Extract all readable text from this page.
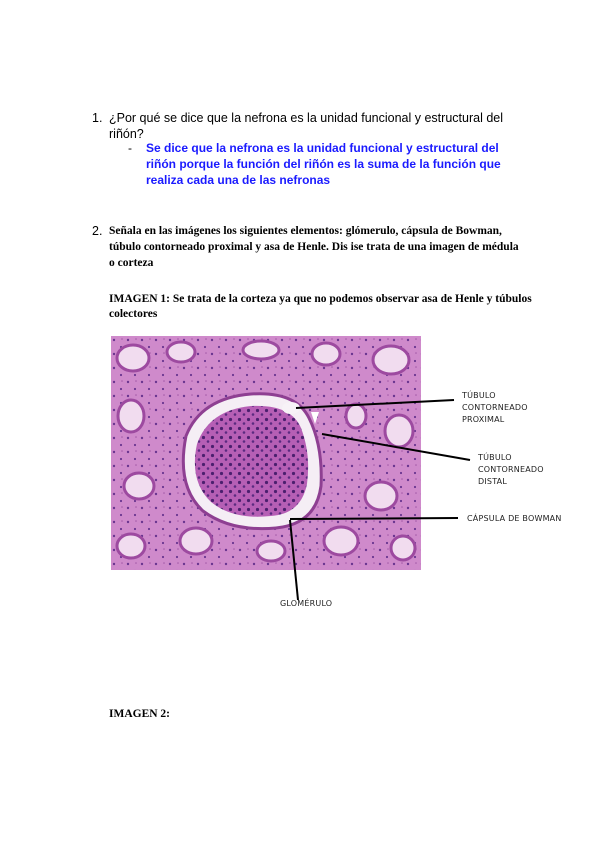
1. ¿Por qué se dice que la nefrona es la unidad funcional y estructural del riñón?
- Se dice que la nefrona es la unidad funcional y estructural del riñón porque la función del riñón es la suma de la función que realiza cada una de las nefronas
2. Señala en las imágenes los siguientes elementos: glómerulo, cápsula de Bowman, túbulo contorneado proximal y asa de Henle. Dis ise trata de una imagen de médula o corteza
IMAGEN 1: Se trata de la corteza ya que no podemos observar asa de Henle y túbulos colectores
TÚBULO
CONTORNEADO
PROXIMAL
TÚBULO
CONTORNEADO
DISTAL
CÁPSULA DE BOWMAN
GLOMÉRULO
IMAGEN 2:
